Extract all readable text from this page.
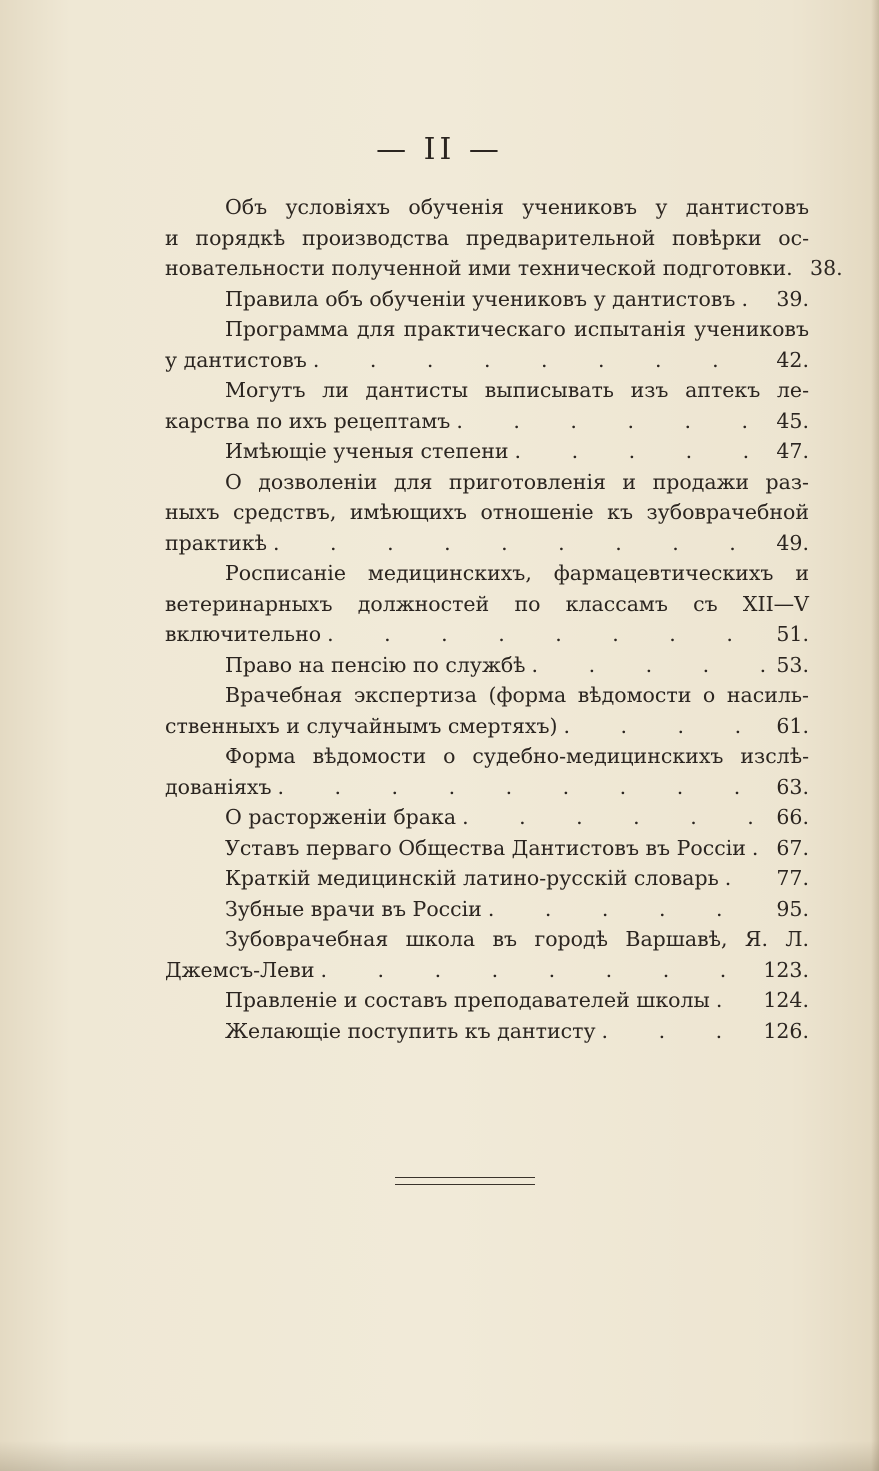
— II —
Объ условіяхъ обученія учениковъ у дантистовъ
и порядкѣ производства предварительной повѣрки ос-
новательности полученной ими технической подготовки. 38.
Правила объ обученіи учениковъ у дантистовъ . . . 39.
Программа для практическаго испытанія учениковъ
у дантистовъ . . .	42.
Могутъ ли дантисты выписывать изъ аптекъ ле-
карства по ихъ рецептамъ . . .	45.
Имѣющіе ученыя степени . . .	47.
О дозволеніи для приготовленія и продажи раз-
ныхъ средствъ, имѣющихъ отношеніе къ зубоврачебной
практикѣ . . .	49.
Росписаніе медицинскихъ, фармацевтическихъ и
ветеринарныхъ должностей по классамъ съ XII—V
включительно . . .	51.
Право на пенсію по службѣ . . .	53.
Врачебная экспертиза (форма вѣдомости о насиль-
ственныхъ и случайнымъ смертяхъ) . . .	61.
Форма вѣдомости о судебно-медицинскихъ изслѣ-
дованіяхъ . . .	63.
О расторженіи брака . . .	66.
Уставъ перваго Общества Дантистовъ въ Россіи . . . 67.
Краткій медицинскій латино-русскій словарь . . .	77.
Зубные врачи въ Россіи . . .	95.
Зубоврачебная школа въ городѣ Варшавѣ, Я. Л.
Джемсъ-Леви . . .	123.
Правленіе и составъ преподавателей школы . . .	124.
Желающіе поступить къ дантисту . . .	126.
